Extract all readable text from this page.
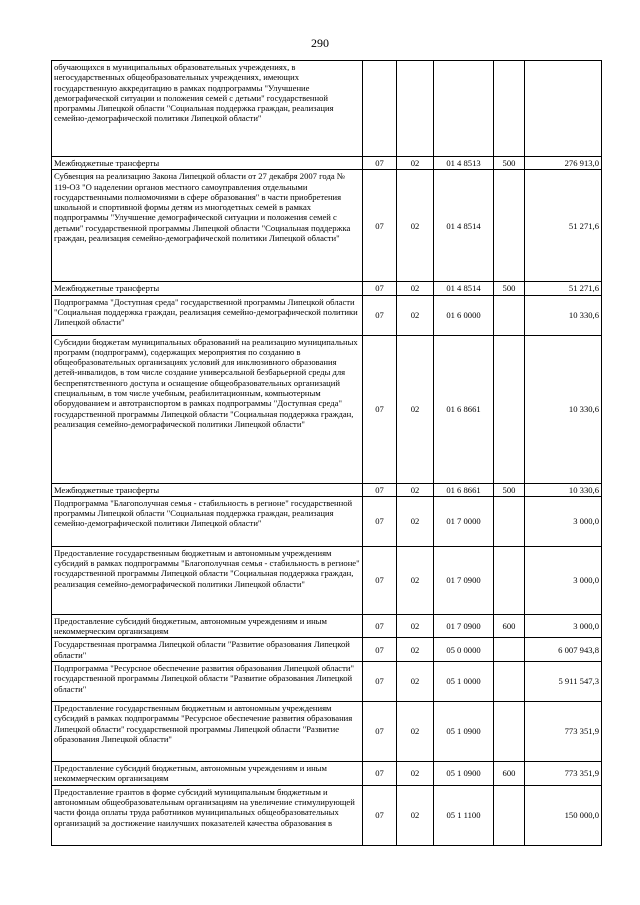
290
обучающихся в муниципальных образовательных учреждениях, в негосударственных общеобразовательных учреждениях, имеющих государственную аккредитацию в рамках подпрограммы "Улучшение демографической ситуации и положения семей с детьми" государственной программы Липецкой области "Социальная поддержка граждан, реализация семейно-демографической политики Липецкой области"					
Межбюджетные трансферты	07	02	01 4 8513	500	276 913,0
Субвенция на реализацию Закона Липецкой области от 27 декабря 2007 года № 119-ОЗ "О наделении органов местного самоуправления отдельными государственными полномочиями в сфере образования" в части приобретения школьной и спортивной формы детям из многодетных семей в рамках подпрограммы "Улучшение демографической ситуации и положения семей с детьми" государственной программы Липецкой области "Социальная поддержка граждан, реализация семейно-демографической политики Липецкой области"	07	02	01 4 8514		51 271,6
Межбюджетные трансферты	07	02	01 4 8514	500	51 271,6
Подпрограмма "Доступная среда" государственной программы Липецкой области "Социальная поддержка граждан, реализация семейно-демографической политики Липецкой области"	07	02	01 6 0000		10 330,6
Субсидии бюджетам муниципальных образований на реализацию муниципальных программ (подпрограмм), содержащих мероприятия по созданию в общеобразовательных организациях условий для инклюзивного образования детей-инвалидов, в том числе создание универсальной безбарьерной среды для беспрепятственного доступа и оснащение общеобразовательных организаций специальным, в том числе учебным, реабилитационным, компьютерным оборудованием и автотранспортом в рамках подпрограммы "Доступная среда" государственной программы Липецкой области "Социальная поддержка граждан, реализация семейно-демографической политики Липецкой области"	07	02	01 6 8661		10 330,6
Межбюджетные трансферты	07	02	01 6 8661	500	10 330,6
Подпрограмма "Благополучная семья - стабильность в регионе" государственной программы Липецкой области "Социальная поддержка граждан, реализация семейно-демографической политики Липецкой области"	07	02	01 7 0000		3 000,0
Предоставление государственным бюджетным и автономным учреждениям субсидий в рамках подпрограммы "Благополучная семья - стабильность в регионе" государственной программы Липецкой области "Социальная поддержка граждан, реализация семейно-демографической политики Липецкой области"	07	02	01 7 0900		3 000,0
Предоставление субсидий бюджетным, автономным учреждениям и иным некоммерческим организациям	07	02	01 7 0900	600	3 000,0
Государственная программа Липецкой области "Развитие образования Липецкой области"	07	02	05 0 0000		6 007 943,8
Подпрограмма "Ресурсное обеспечение развития образования Липецкой области" государственной программы Липецкой области "Развитие образования Липецкой области"	07	02	05 1 0000		5 911 547,3
Предоставление государственным бюджетным и автономным учреждениям субсидий в рамках подпрограммы "Ресурсное обеспечение развития образования Липецкой области" государственной программы Липецкой области "Развитие образования Липецкой области"	07	02	05 1 0900		773 351,9
Предоставление субсидий бюджетным, автономным учреждениям и иным некоммерческим организациям	07	02	05 1 0900	600	773 351,9
Предоставление грантов в форме субсидий муниципальным бюджетным и автономным общеобразовательным организациям на увеличение стимулирующей части фонда оплаты труда работников муниципальных общеобразовательных организаций за достижение наилучших показателей качества образования в	07	02	05 1 1100		150 000,0
